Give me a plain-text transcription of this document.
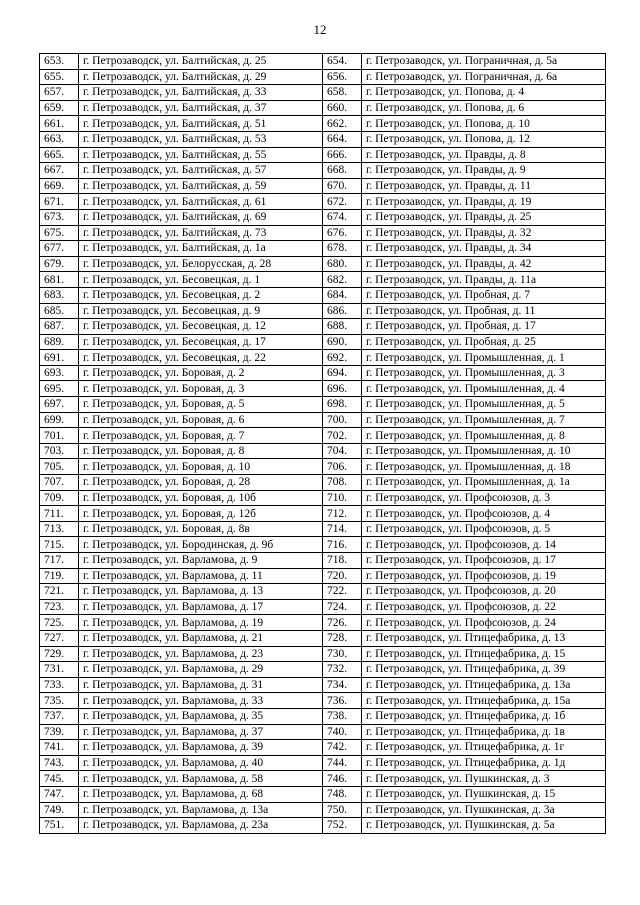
12
653.	г. Петрозаводск, ул. Балтийская, д. 25	654.	г. Петрозаводск, ул. Пограничная, д. 5а
655.	г. Петрозаводск, ул. Балтийская, д. 29	656.	г. Петрозаводск, ул. Пограничная, д. 6а
657.	г. Петрозаводск, ул. Балтийская, д. 33	658.	г. Петрозаводск, ул. Попова, д. 4
659.	г. Петрозаводск, ул. Балтийская, д. 37	660.	г. Петрозаводск, ул. Попова, д. 6
661.	г. Петрозаводск, ул. Балтийская, д. 51	662.	г. Петрозаводск, ул. Попова, д. 10
663.	г. Петрозаводск, ул. Балтийская, д. 53	664.	г. Петрозаводск, ул. Попова, д. 12
665.	г. Петрозаводск, ул. Балтийская, д. 55	666.	г. Петрозаводск, ул. Правды, д. 8
667.	г. Петрозаводск, ул. Балтийская, д. 57	668.	г. Петрозаводск, ул. Правды, д. 9
669.	г. Петрозаводск, ул. Балтийская, д. 59	670.	г. Петрозаводск, ул. Правды, д. 11
671.	г. Петрозаводск, ул. Балтийская, д. 61	672.	г. Петрозаводск, ул. Правды, д. 19
673.	г. Петрозаводск, ул. Балтийская, д. 69	674.	г. Петрозаводск, ул. Правды, д. 25
675.	г. Петрозаводск, ул. Балтийская, д. 73	676.	г. Петрозаводск, ул. Правды, д. 32
677.	г. Петрозаводск, ул. Балтийская, д. 1а	678.	г. Петрозаводск, ул. Правды, д. 34
679.	г. Петрозаводск, ул. Белорусская, д. 28	680.	г. Петрозаводск, ул. Правды, д. 42
681.	г. Петрозаводск, ул. Бесовецкая, д. 1	682.	г. Петрозаводск, ул. Правды, д. 11а
683.	г. Петрозаводск, ул. Бесовецкая, д. 2	684.	г. Петрозаводск, ул. Пробная, д. 7
685.	г. Петрозаводск, ул. Бесовецкая, д. 9	686.	г. Петрозаводск, ул. Пробная, д. 11
687.	г. Петрозаводск, ул. Бесовецкая, д. 12	688.	г. Петрозаводск, ул. Пробная, д. 17
689.	г. Петрозаводск, ул. Бесовецкая, д. 17	690.	г. Петрозаводск, ул. Пробная, д. 25
691.	г. Петрозаводск, ул. Бесовецкая, д. 22	692.	г. Петрозаводск, ул. Промышленная, д. 1
693.	г. Петрозаводск, ул. Боровая, д. 2	694.	г. Петрозаводск, ул. Промышленная, д. 3
695.	г. Петрозаводск, ул. Боровая, д. 3	696.	г. Петрозаводск, ул. Промышленная, д. 4
697.	г. Петрозаводск, ул. Боровая, д. 5	698.	г. Петрозаводск, ул. Промышленная, д. 5
699.	г. Петрозаводск, ул. Боровая, д. 6	700.	г. Петрозаводск, ул. Промышленная, д. 7
701.	г. Петрозаводск, ул. Боровая, д. 7	702.	г. Петрозаводск, ул. Промышленная, д. 8
703.	г. Петрозаводск, ул. Боровая, д. 8	704.	г. Петрозаводск, ул. Промышленная, д. 10
705.	г. Петрозаводск, ул. Боровая, д. 10	706.	г. Петрозаводск, ул. Промышленная, д. 18
707.	г. Петрозаводск, ул. Боровая, д. 28	708.	г. Петрозаводск, ул. Промышленная, д. 1а
709.	г. Петрозаводск, ул. Боровая, д. 10б	710.	г. Петрозаводск, ул. Профсоюзов, д. 3
711.	г. Петрозаводск, ул. Боровая, д. 12б	712.	г. Петрозаводск, ул. Профсоюзов, д. 4
713.	г. Петрозаводск, ул. Боровая, д. 8в	714.	г. Петрозаводск, ул. Профсоюзов, д. 5
715.	г. Петрозаводск, ул. Бородинская, д. 9б	716.	г. Петрозаводск, ул. Профсоюзов, д. 14
717.	г. Петрозаводск, ул. Варламова, д. 9	718.	г. Петрозаводск, ул. Профсоюзов, д. 17
719.	г. Петрозаводск, ул. Варламова, д. 11	720.	г. Петрозаводск, ул. Профсоюзов, д. 19
721.	г. Петрозаводск, ул. Варламова, д. 13	722.	г. Петрозаводск, ул. Профсоюзов, д. 20
723.	г. Петрозаводск, ул. Варламова, д. 17	724.	г. Петрозаводск, ул. Профсоюзов, д. 22
725.	г. Петрозаводск, ул. Варламова, д. 19	726.	г. Петрозаводск, ул. Профсоюзов, д. 24
727.	г. Петрозаводск, ул. Варламова, д. 21	728.	г. Петрозаводск, ул. Птицефабрика, д. 13
729.	г. Петрозаводск, ул. Варламова, д. 23	730.	г. Петрозаводск, ул. Птицефабрика, д. 15
731.	г. Петрозаводск, ул. Варламова, д. 29	732.	г. Петрозаводск, ул. Птицефабрика, д. 39
733.	г. Петрозаводск, ул. Варламова, д. 31	734.	г. Петрозаводск, ул. Птицефабрика, д. 13а
735.	г. Петрозаводск, ул. Варламова, д. 33	736.	г. Петрозаводск, ул. Птицефабрика, д. 15а
737.	г. Петрозаводск, ул. Варламова, д. 35	738.	г. Петрозаводск, ул. Птицефабрика, д. 1б
739.	г. Петрозаводск, ул. Варламова, д. 37	740.	г. Петрозаводск, ул. Птицефабрика, д. 1в
741.	г. Петрозаводск, ул. Варламова, д. 39	742.	г. Петрозаводск, ул. Птицефабрика, д. 1г
743.	г. Петрозаводск, ул. Варламова, д. 40	744.	г. Петрозаводск, ул. Птицефабрика, д. 1д
745.	г. Петрозаводск, ул. Варламова, д. 58	746.	г. Петрозаводск, ул. Пушкинская, д. 3
747.	г. Петрозаводск, ул. Варламова, д. 68	748.	г. Петрозаводск, ул. Пушкинская, д. 15
749.	г. Петрозаводск, ул. Варламова, д. 13а	750.	г. Петрозаводск, ул. Пушкинская, д. 3а
751.	г. Петрозаводск, ул. Варламова, д. 23а	752.	г. Петрозаводск, ул. Пушкинская, д. 5а
